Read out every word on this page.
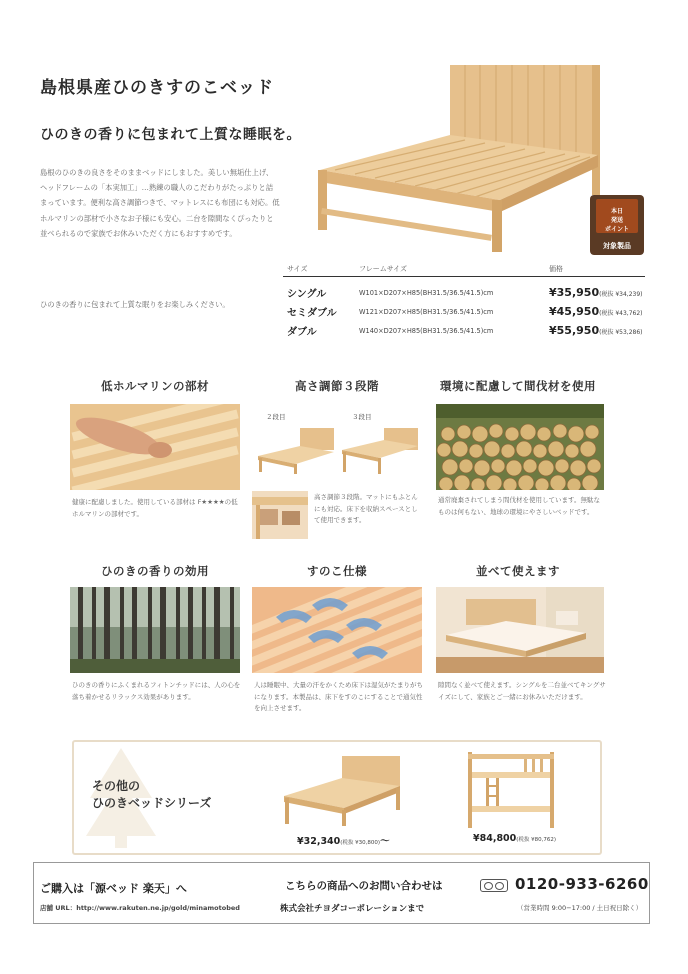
島根県産ひのきすのこベッド
ひのきの香りに包まれて上質な睡眠を。
島根のひのきの良さをそのままベッドにしました。美しい無垢仕上げ、ヘッドフレームの「本実加工」…熟練の職人のこだわりがたっぷりと詰まっています。便利な高さ調節つきで、マットレスにも布団にも対応。低ホルマリンの部材で小さなお子様にも安心。二台を隙間なくぴったりと並べられるので家族でお休みいただく方にもおすすめです。
ひのきの香りに包まれて上質な眠りをお楽しみください。
本日
発送
ポイント
対象製品
サイズ	フレームサイズ	価格
シングル	W101×D207×H85(BH31.5/36.5/41.5)cm	¥35,950(税抜 ¥34,239)
セミダブル	W121×D207×H85(BH31.5/36.5/41.5)cm	¥45,950(税抜 ¥43,762)
ダブル	W140×D207×H85(BH31.5/36.5/41.5)cm	¥55,950(税抜 ¥53,286)
低ホルマリンの部材
健康に配慮しました。使用している部材は F★★★★の低ホルマリンの部材です。
高さ調節３段階
２段目	３段目
高さ調節３段階。マットにもふとんにも対応。床下を収納スペースとして使用できます。
環境に配慮して間伐材を使用
通常廃棄されてしまう間伐材を使用しています。無駄なものは何もない、地球の環境にやさしいベッドです。
ひのきの香りの効用
ひのきの香りにふくまれるフィトンチッドには、人の心を落ち着かせるリラックス効果があります。
すのこ仕様
人は睡眠中、大量の汗をかくため床下は湿気がたまりがちになります。本製品は、床下をすのこにすることで通気性を向上させます。
並べて使えます
隙間なく並べて使えます。シングルを二台並べてキングサイズにして、家族とご一緒にお休みいただけます。
その他の
ひのきベッドシリーズ
¥32,340(税抜 ¥30,800)〜	¥84,800(税抜 ¥80,762)
ご購入は「源ベッド 楽天」へ
店舗 URL：http://www.rakuten.ne.jp/gold/minamotobed
こちらの商品へのお問い合わせは	0120-933-6260
株式会社チヨダコーポレーションまで	（営業時間 9:00−17:00 / 土日祝日除く）
